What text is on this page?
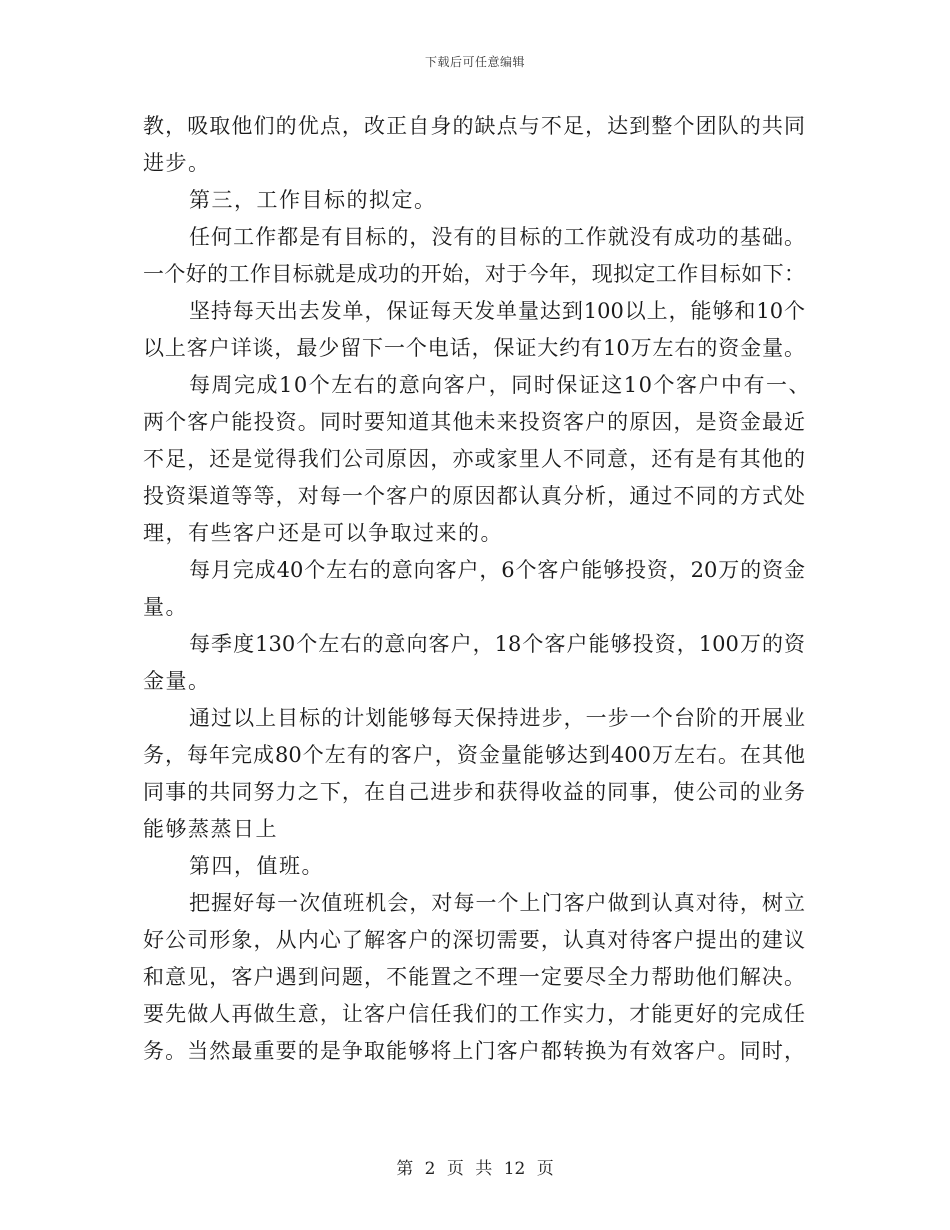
下载后可任意编辑
教，吸取他们的优点，改正自身的缺点与不足，达到整个团队的共同
进步。
第三，工作目标的拟定。
任何工作都是有目标的，没有的目标的工作就没有成功的基础。
一个好的工作目标就是成功的开始，对于今年，现拟定工作目标如下：
坚持每天出去发单，保证每天发单量达到100以上，能够和10个
以上客户详谈，最少留下一个电话，保证大约有10万左右的资金量。
每周完成10个左右的意向客户，同时保证这10个客户中有一、
两个客户能投资。同时要知道其他未来投资客户的原因，是资金最近
不足，还是觉得我们公司原因，亦或家里人不同意，还有是有其他的
投资渠道等等，对每一个客户的原因都认真分析，通过不同的方式处
理，有些客户还是可以争取过来的。
每月完成40个左右的意向客户，6个客户能够投资，20万的资金
量。
每季度130个左右的意向客户，18个客户能够投资，100万的资
金量。
通过以上目标的计划能够每天保持进步，一步一个台阶的开展业
务，每年完成80个左有的客户，资金量能够达到400万左右。在其他
同事的共同努力之下，在自己进步和获得收益的同事，使公司的业务
能够蒸蒸日上
第四，值班。
把握好每一次值班机会，对每一个上门客户做到认真对待，树立
好公司形象，从内心了解客户的深切需要，认真对待客户提出的建议
和意见，客户遇到问题，不能置之不理一定要尽全力帮助他们解决。
要先做人再做生意，让客户信任我们的工作实力，才能更好的完成任
务。当然最重要的是争取能够将上门客户都转换为有效客户。同时，
第 2 页 共 12 页
